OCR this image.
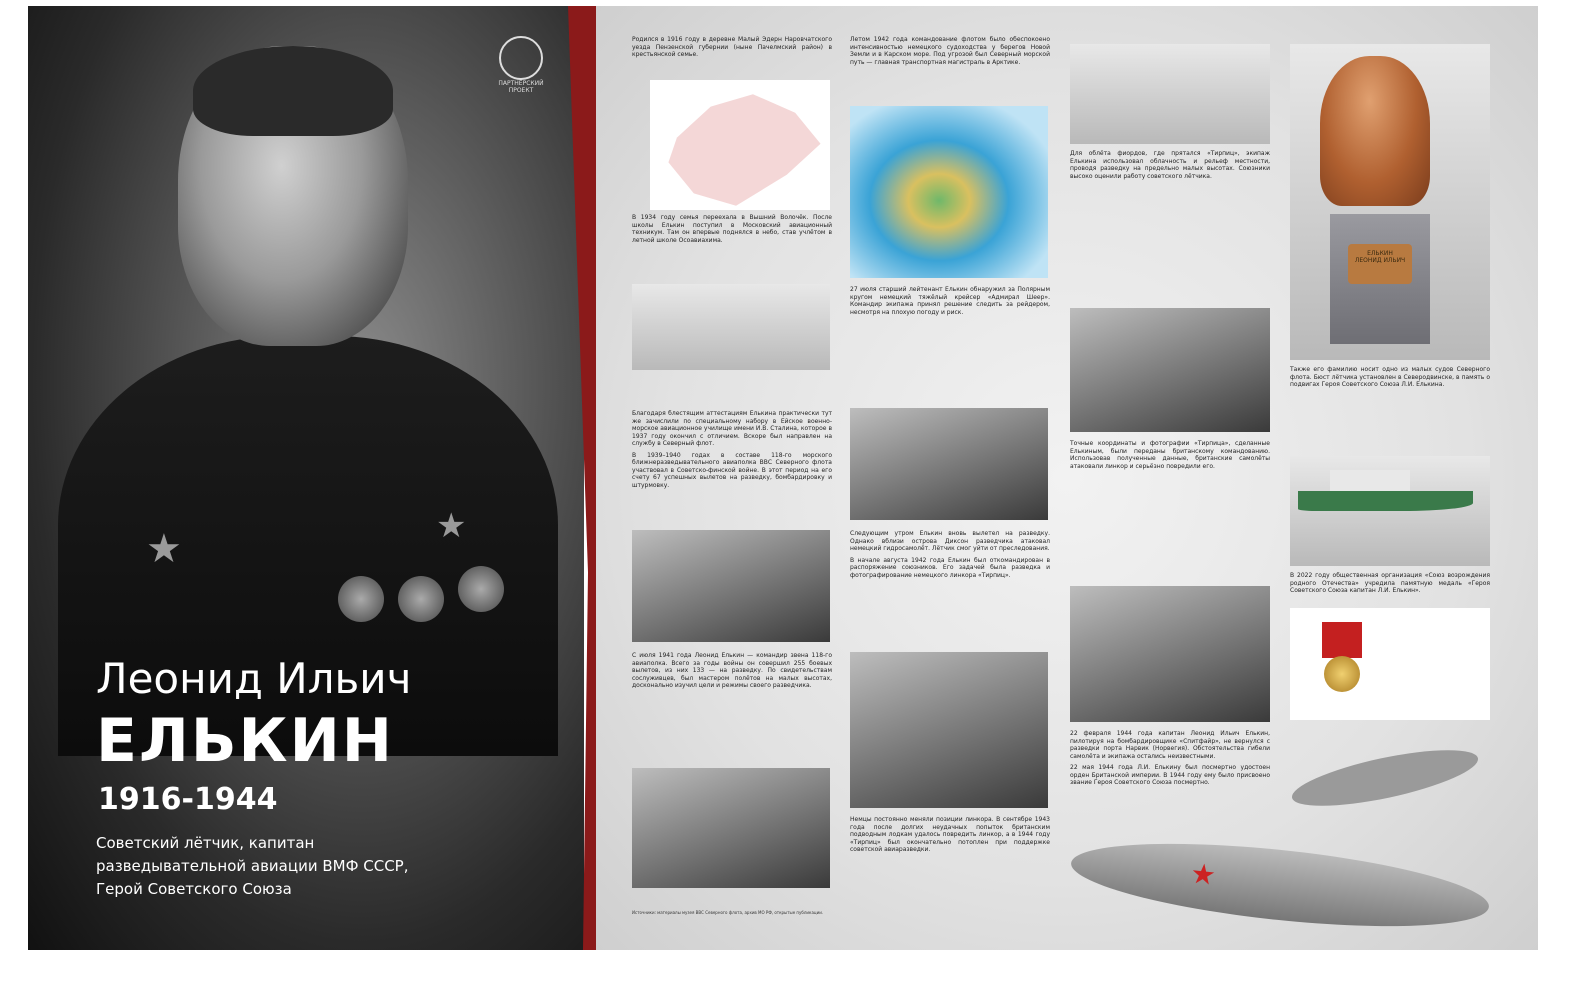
★	★
ПАРТНЁРСКИЙ ПРОЕКТ
Леонид Ильич
ЕЛЬКИН
1916-1944
Советский лётчик, капитан
разведывательной авиации ВМФ СССР,
Герой Советского Союза

Родился в 1916 году в деревне Малый Эдерн Наровчатского уезда Пензенской губернии (ныне Пачелмский район) в крестьянской семье.

В 1934 году семья переехала в Вышний Волочёк. После школы Елькин поступил в Московский авиационный техникум. Там он впервые поднялся в небо, став учлётом в летной школе Осоавиахима.

Благодаря блестящим аттестациям Елькина практически тут же зачислили по специальному набору в Ейское военно-морское авиационное училище имени И.В. Сталина, которое в 1937 году окончил с отличием. Вскоре был направлен на службу в Северный флот.

В 1939–1940 годах в составе 118-го морского ближнеразведывательного авиаполка ВВС Северного флота участвовал в Советско-финской войне. В этот период на его счету 67 успешных вылетов на разведку, бомбардировку и штурмовку.

С июля 1941 года Леонид Елькин — командир звена 118-го авиаполка. Всего за годы войны он совершил 255 боевых вылетов, из них 133 — на разведку. По свидетельствам сослуживцев, был мастером полётов на малых высотах, досконально изучил цели и режимы своего разведчика.

Летом 1942 года командование флотом было обеспокоено интенсивностью немецкого судоходства у берегов Новой Земли и в Карском море. Под угрозой был Северный морской путь — главная транспортная магистраль в Арктике.

27 июля старший лейтенант Елькин обнаружил за Полярным кругом немецкий тяжёлый крейсер «Адмирал Шеер». Командир экипажа принял решение следить за рейдером, несмотря на плохую погоду и риск.

Следующим утром Елькин вновь вылетел на разведку. Однако вблизи острова Диксон разведчика атаковал немецкий гидросамолёт. Лётчик смог уйти от преследования.

В начале августа 1942 года Елькин был откомандирован в распоряжение союзников. Его задачей была разведка и фотографирование немецкого линкора «Тирпиц».

Немцы постоянно меняли позиции линкора. В сентябре 1943 года после долгих неудачных попыток британским подводным лодкам удалось повредить линкор, а в 1944 году «Тирпиц» был окончательно потоплен при поддержке советской авиаразведки.

Для облёта фиордов, где прятался «Тирпиц», экипаж Елькина использовал облачность и рельеф местности, проводя разведку на предельно малых высотах. Союзники высоко оценили работу советского лётчика.

Точные координаты и фотографии «Тирпица», сделанные Елькиным, были переданы британскому командованию. Использовав полученные данные, британские самолёты атаковали линкор и серьёзно повредили его.

22 февраля 1944 года капитан Леонид Ильич Елькин, пилотируя на бомбардировщике «Спитфайр», не вернулся с разведки порта Нарвик (Норвегия). Обстоятельства гибели самолёта и экипажа остались неизвестными.

22 мая 1944 года Л.И. Елькину был посмертно удостоен орден Британской империи. В 1944 году ему было присвоено звание Героя Советского Союза посмертно.

ЕЛЬКИН ЛЕОНИД ИЛЬИЧ

Также его фамилию носит одно из малых судов Северного флота. Бюст лётчика установлен в Северодвинске, в память о подвигах Героя Советского Союза Л.И. Елькина.

В 2022 году общественная организация «Союз возрождения родного Отечества» учредила памятную медаль «Героя Советского Союза капитан Л.И. Елькин».

★
Источники: материалы музея ВВС Северного флота, архив МО РФ, открытые публикации.
